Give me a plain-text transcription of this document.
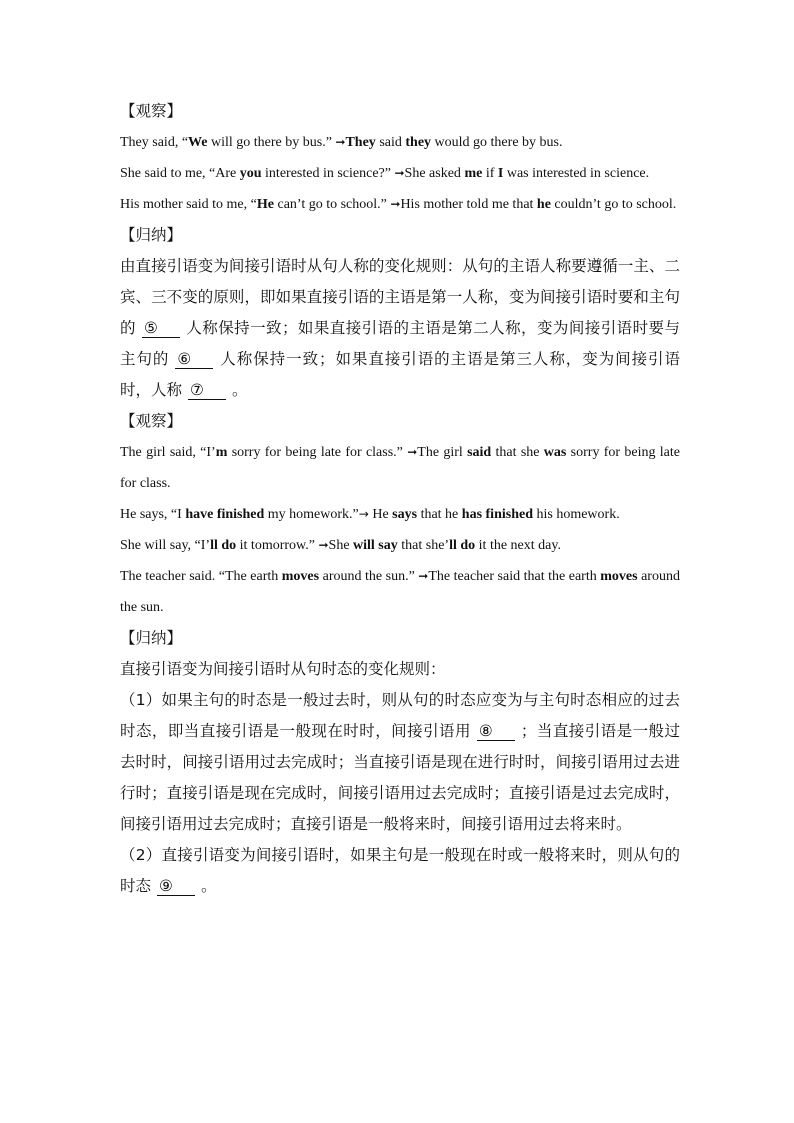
【观察】

They said, “We will go there by bus.” ➞They said they would go there by bus.

She said to me, “Are you interested in science?” ➞She asked me if I was interested in science.

His mother said to me, “He can’t go to school.” ➞His mother told me that he couldn’t go to school.

【归纳】

由直接引语变为间接引语时从句人称的变化规则：从句的主语人称要遵循一主、二宾、三不变的原则，即如果直接引语的主语是第一人称，变为间接引语时要和主句的 ⑤ 人称保持一致；如果直接引语的主语是第二人称，变为间接引语时要与主句的 ⑥ 人称保持一致；如果直接引语的主语是第三人称，变为间接引语时，人称 ⑦ 。

【观察】

The girl said, “I’m sorry for being late for class.” ➞The girl said that she was sorry for being late for class.

He says, “I have finished my homework.”→ He says that he has finished his homework.

She will say, “I’ll do it tomorrow.” ➞She will say that she’ll do it the next day.

The teacher said. “The earth moves around the sun.” ➞The teacher said that the earth moves around the sun.

【归纳】

直接引语变为间接引语时从句时态的变化规则：

（1）如果主句的时态是一般过去时，则从句的时态应变为与主句时态相应的过去时态，即当直接引语是一般现在时时，间接引语用 ⑧ ；当直接引语是一般过去时时，间接引语用过去完成时；当直接引语是现在进行时时，间接引语用过去进行时；直接引语是现在完成时，间接引语用过去完成时；直接引语是过去完成时，间接引语用过去完成时；直接引语是一般将来时，间接引语用过去将来时。

（2）直接引语变为间接引语时，如果主句是一般现在时或一般将来时，则从句的时态 ⑨ 。
